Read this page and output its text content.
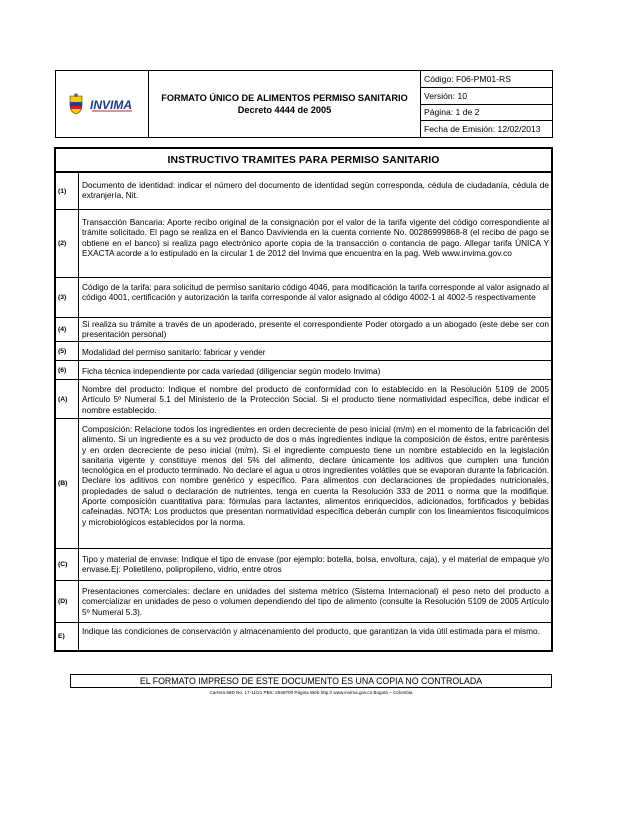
INVIMA	FORMATO ÚNICO DE ALIMENTOS PERMISO SANITARIO
Decreto 4444 de 2005
Código: F06-PM01-RS
Versión: 10
Página: 1 de 2
Fecha de Emisión: 12/02/2013
INSTRUCTIVO TRAMITES PARA PERMISO SANITARIO
(1)
Documento de identidad: indicar el número del documento de identidad según corresponda, cédula de ciudadanía, cédula de extranjería, Nit.
(2)
Transacción Bancaria: Aporte recibo original de la consignación por el valor de la tarifa vigente del código correspondiente al trámite solicitado. El pago se realiza en el Banco Davivienda en la cuenta corriente No. 00286999868-8 (el recibo de pago se obtiene en el banco) si realiza pago electrónico aporte copia de la transacción o contancia de pago. Allegar tarifa ÚNICA Y EXACTA acorde a lo estipulado en la circular 1 de 2012 del Invima que encuentra en la pag. Web www.invima.gov.co
(3)
Código de la tarifa: para solicitud de permiso sanitario código 4046, para modificación la tarifa corresponde al valor asignado al código 4001, certificación y autorización la tarifa corresponde al valor asignado al código 4002-1 al 4002-5 respectivamente
(4)
Si realiza su trámite a través de un apoderado, presente el correspondiente Poder otorgado a un abogado (este debe ser con presentación personal)
(5)	Modalidad del permiso sanitario: fabricar y vender
(6)	Ficha técnica independiente por cada variedad (diligenciar según modelo Invima)
(A)
Nombre del producto: Indique el nombre del producto de conformidad con lo establecido en la Resolución 5109 de 2005 Artículo 5º Numeral 5.1 del Ministerio de la Protección Social. Si el producto tiene normatividad específica, debe indicar el nombre establecido.
(B)
Composición: Relacione todos los ingredientes en orden decreciente de peso inicial (m/m) en el momento de la fabricación del alimento. Si un ingrediente es a su vez producto de dos o más ingredientes indique la composición de éstos, entre paréntesis y en orden decreciente de peso inicial (m/m). Si el ingrediente compuesto tiene un nombre establecido en la legislación sanitaria vigente y constituye menos del 5% del alimento, declare únicamente los aditivos que cumplen una función tecnológica en el producto terminado. No declare el agua u otros ingredientes volátiles que se evaporan durante la fabricación. Declare los aditivos con nombre genérico y específico. Para alimentos con declaraciones de propiedades nutricionales, propiedades de salud o declaración de nutrientes, tenga en cuenta la Resolución 333 de 2011 o norma que la modifique. Aporte composición cuantitativa para: fórmulas para lactantes, alimentos enriquecidos, adicionados, fortificados y bebidas cafeinadas. NOTA: Los productos que presentan normatividad específica deberán cumplir con los lineamientos fisicoquímicos y microbiológicos establecidos por la norma.
(C)
Tipo y material de envase: Indique el tipo de envase (por ejemplo: botella, bolsa, envoltura, caja), y el material de empaque y/o envase.Ej: Polietileno, polipropileno, vidrio, entre otros
(D)
Presentaciones comerciales: declare en unidades del sistema métrico (Sistema Internacional) el peso neto del producto a comercializar en unidades de peso o volumen dependiendo del tipo de alimento (consulte la Resolución 5109 de 2005 Artículo 5º Numeral 5.3).
E)
Indique las condiciones de conservación y almacenamiento del producto, que garantizan la vida útil estimada para el mismo.
EL FORMATO IMPRESO DE ESTE DOCUMENTO ES UNA COPIA NO CONTROLADA
Carrera 68D No. 17-11/21 PBX: 2948700 Página Web http:// www.invima.gov.co Bogotá – Colombia
